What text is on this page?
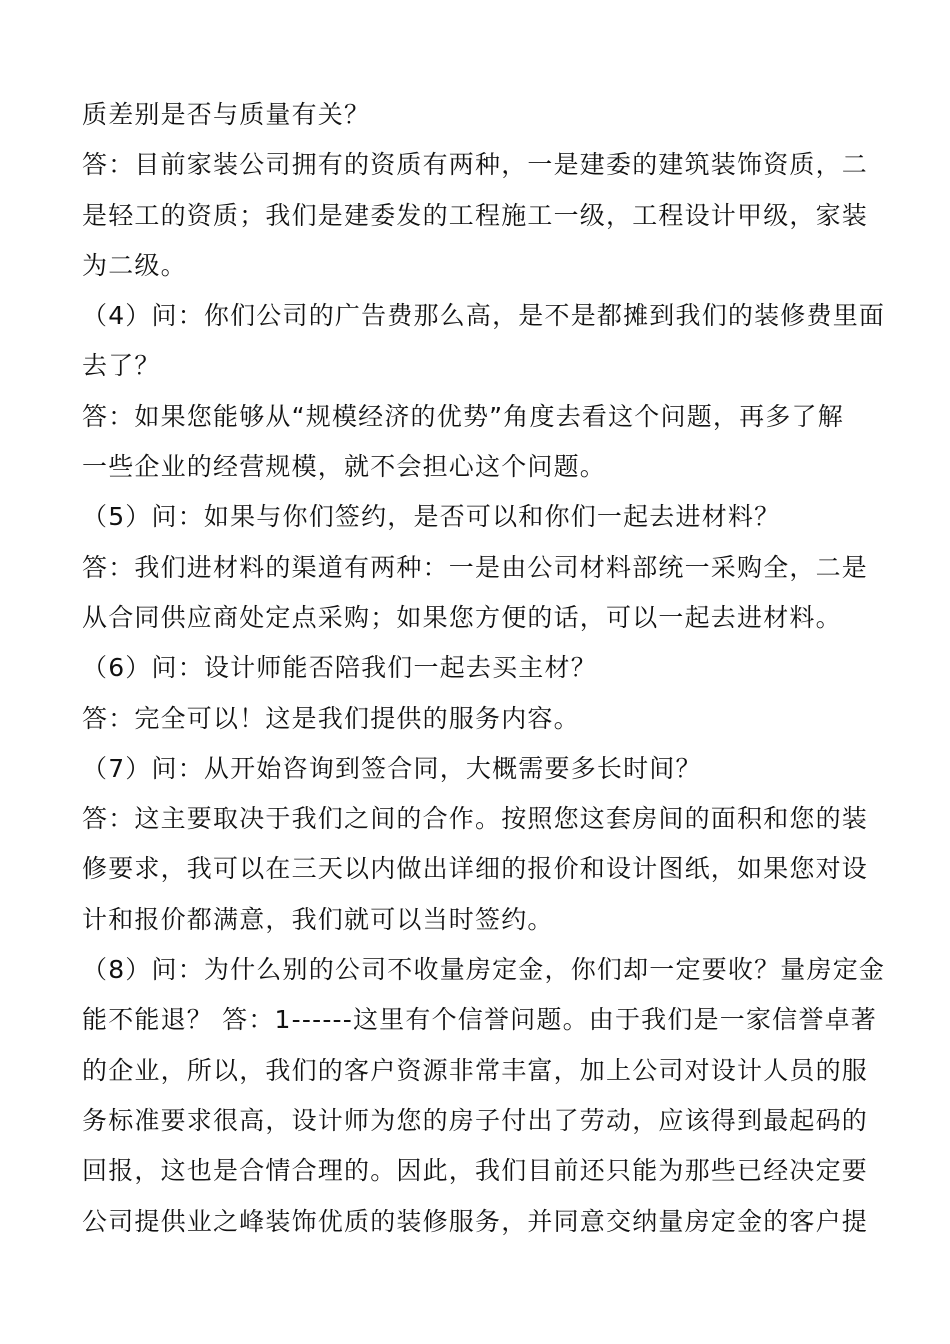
质差别是否与质量有关？
答：目前家装公司拥有的资质有两种，一是建委的建筑装饰资质，二
是轻工的资质；我们是建委发的工程施工一级，工程设计甲级，家装
为二级。
（4）问：你们公司的广告费那么高，是不是都摊到我们的装修费里面
去了？
答：如果您能够从“规模经济的优势”角度去看这个问题，再多了解
一些企业的经营规模，就不会担心这个问题。
（5）问：如果与你们签约，是否可以和你们一起去进材料？
答：我们进材料的渠道有两种：一是由公司材料部统一采购全，二是
从合同供应商处定点采购；如果您方便的话，可以一起去进材料。
（6）问：设计师能否陪我们一起去买主材？
答：完全可以！这是我们提供的服务内容。
（7）问：从开始咨询到签合同，大概需要多长时间？
答：这主要取决于我们之间的合作。按照您这套房间的面积和您的装
修要求，我可以在三天以内做出详细的报价和设计图纸，如果您对设
计和报价都满意，我们就可以当时签约。
（8）问：为什么别的公司不收量房定金，你们却一定要收？量房定金
能不能退？ 答：1------这里有个信誉问题。由于我们是一家信誉卓著
的企业，所以，我们的客户资源非常丰富，加上公司对设计人员的服
务标准要求很高，设计师为您的房子付出了劳动，应该得到最起码的
回报，这也是合情合理的。因此，我们目前还只能为那些已经决定要
公司提供业之峰装饰优质的装修服务，并同意交纳量房定金的客户提
